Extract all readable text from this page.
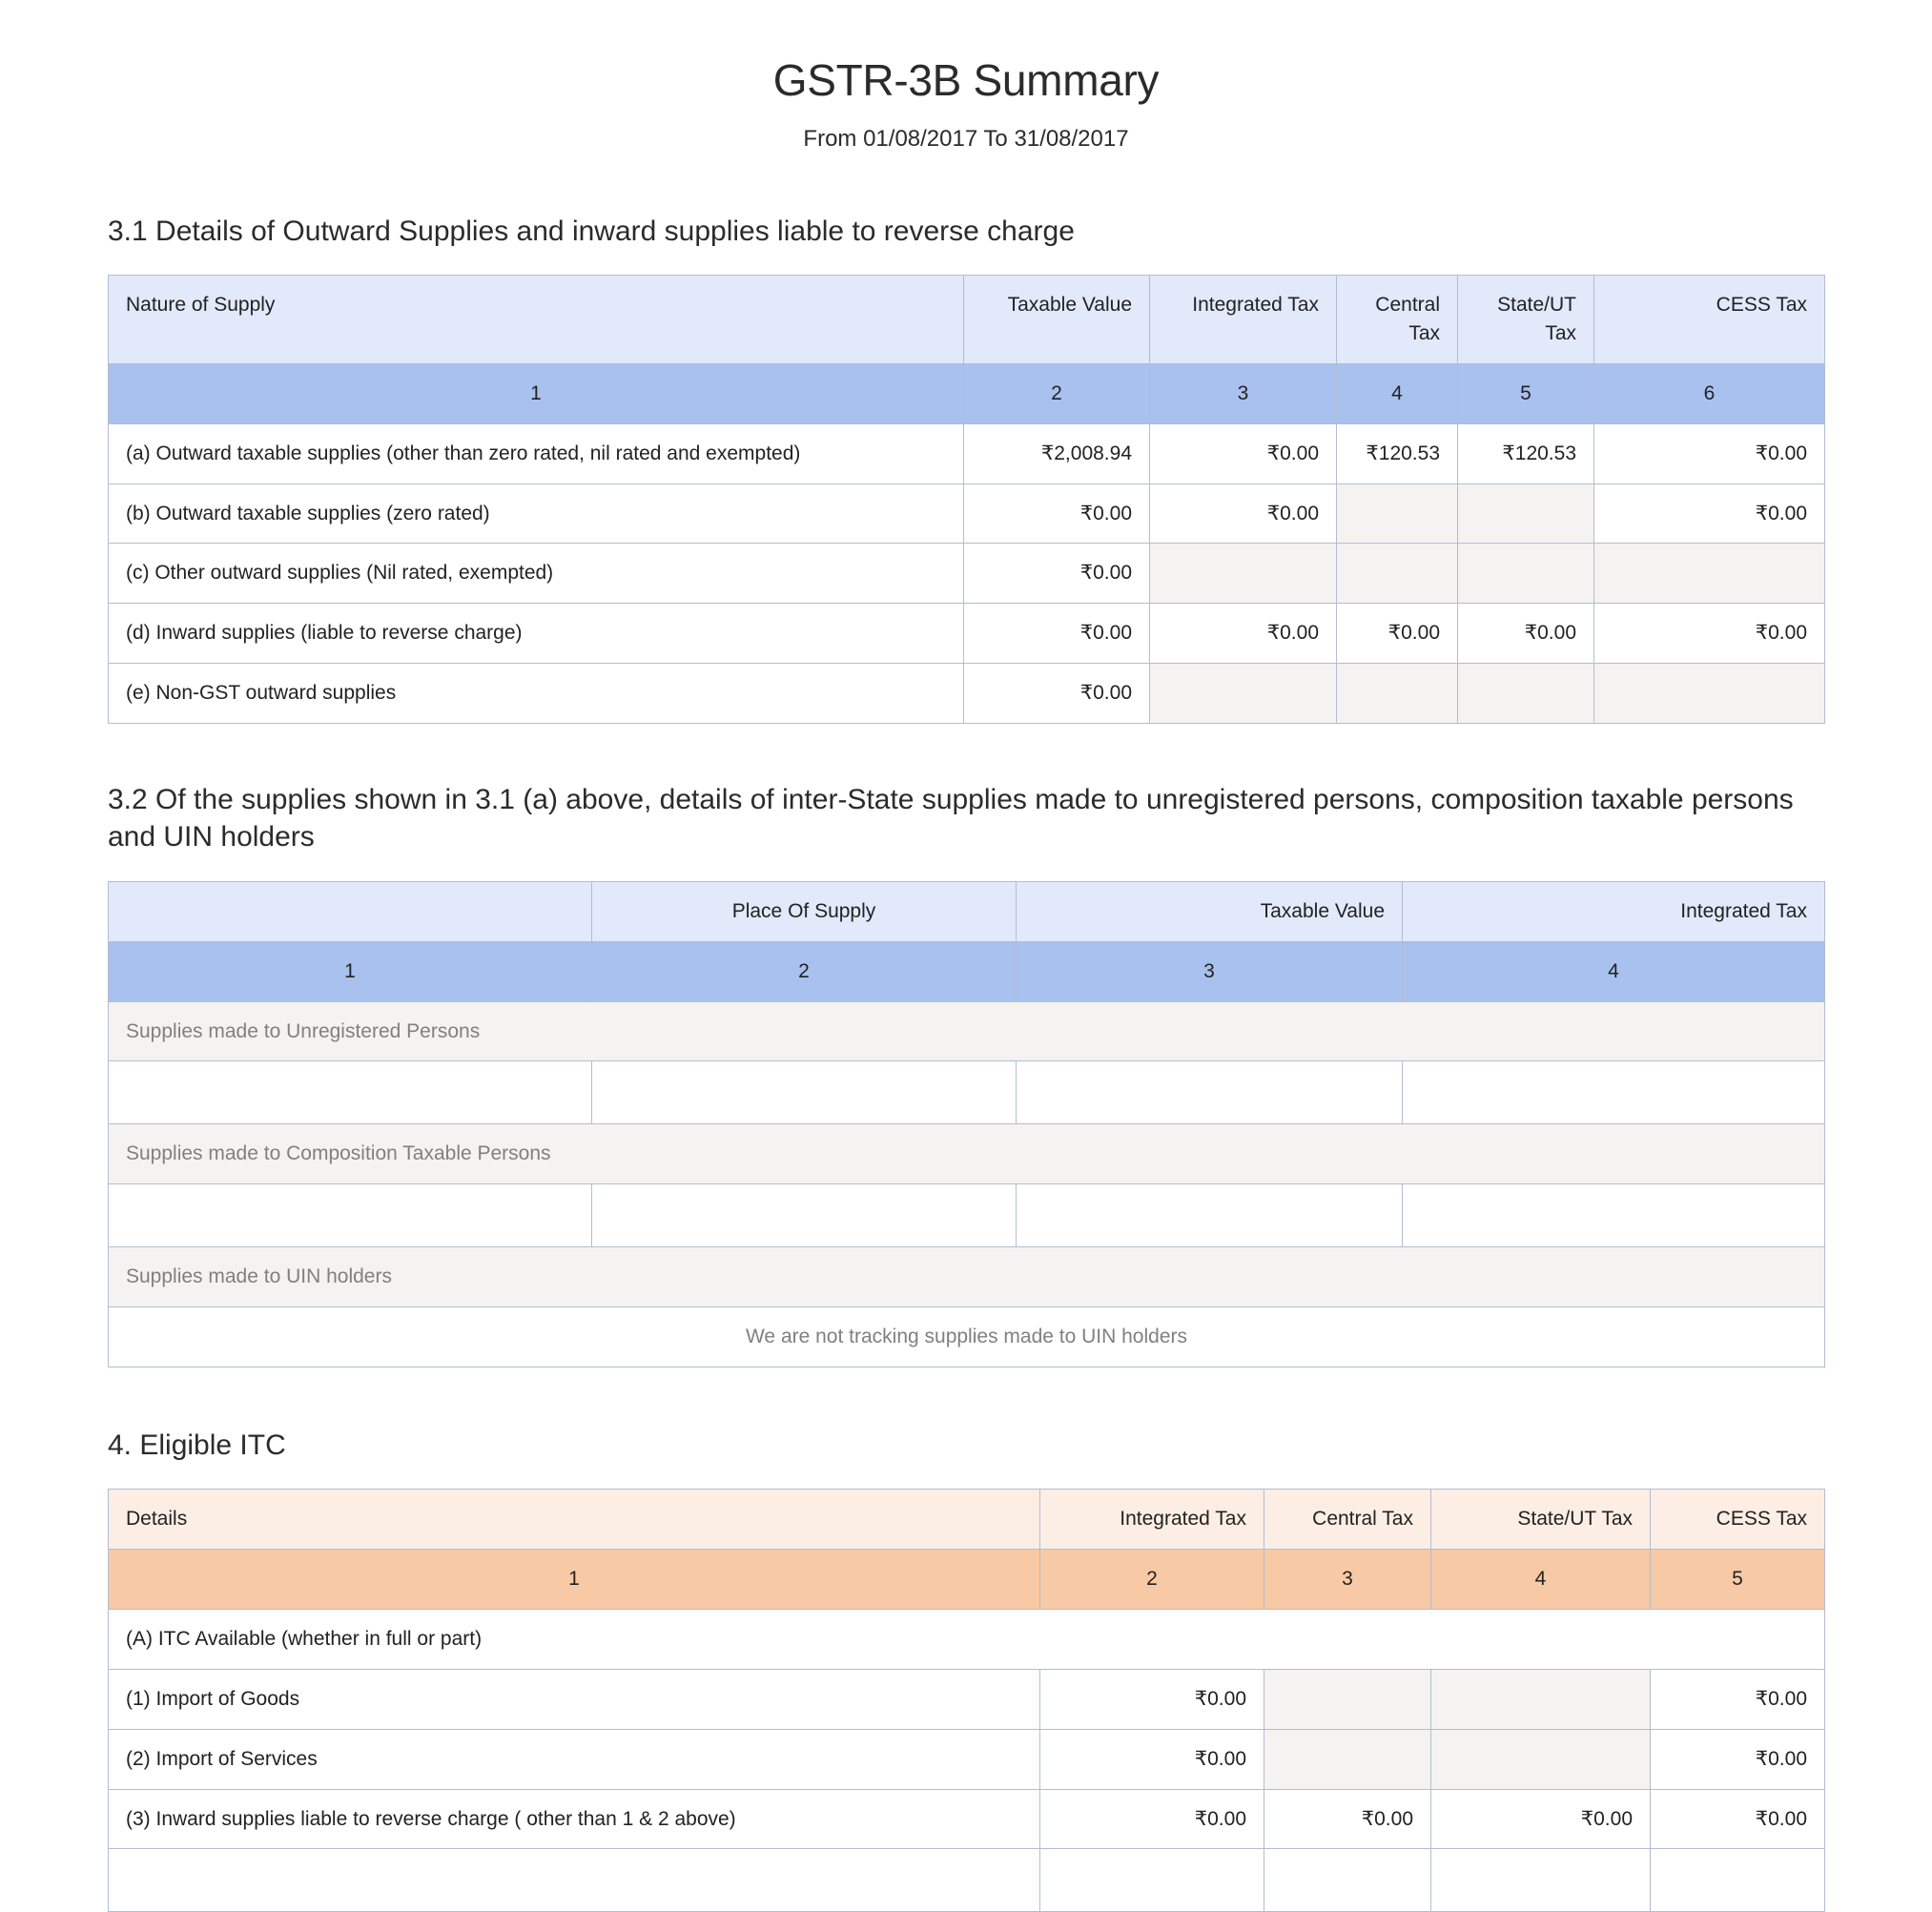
GSTR-3B Summary
From 01/08/2017 To 31/08/2017
3.1 Details of Outward Supplies and inward supplies liable to reverse charge
Nature of Supply	Taxable Value	Integrated Tax	Central Tax	State/UT Tax	CESS Tax
1	2	3	4	5	6
(a) Outward taxable supplies (other than zero rated, nil rated and exempted)	₹2,008.94	₹0.00	₹120.53	₹120.53	₹0.00
(b) Outward taxable supplies (zero rated)	₹0.00	₹0.00			₹0.00
(c) Other outward supplies (Nil rated, exempted)	₹0.00				
(d) Inward supplies (liable to reverse charge)	₹0.00	₹0.00	₹0.00	₹0.00	₹0.00
(e) Non-GST outward supplies	₹0.00				
3.2 Of the supplies shown in 3.1 (a) above, details of inter-State supplies made to unregistered persons, composition taxable persons and UIN holders
	Place Of Supply	Taxable Value	Integrated Tax
1	2	3	4
Supplies made to Unregistered Persons			

Supplies made to Composition Taxable Persons			

Supplies made to UIN holders			
We are not tracking supplies made to UIN holders			
4. Eligible ITC
Details	Integrated Tax	Central Tax	State/UT Tax	CESS Tax
1	2	3	4	5
(A) ITC Available (whether in full or part)				
(1) Import of Goods	₹0.00			₹0.00
(2) Import of Services	₹0.00			₹0.00
(3) Inward supplies liable to reverse charge ( other than 1 & 2 above)	₹0.00	₹0.00	₹0.00	₹0.00
